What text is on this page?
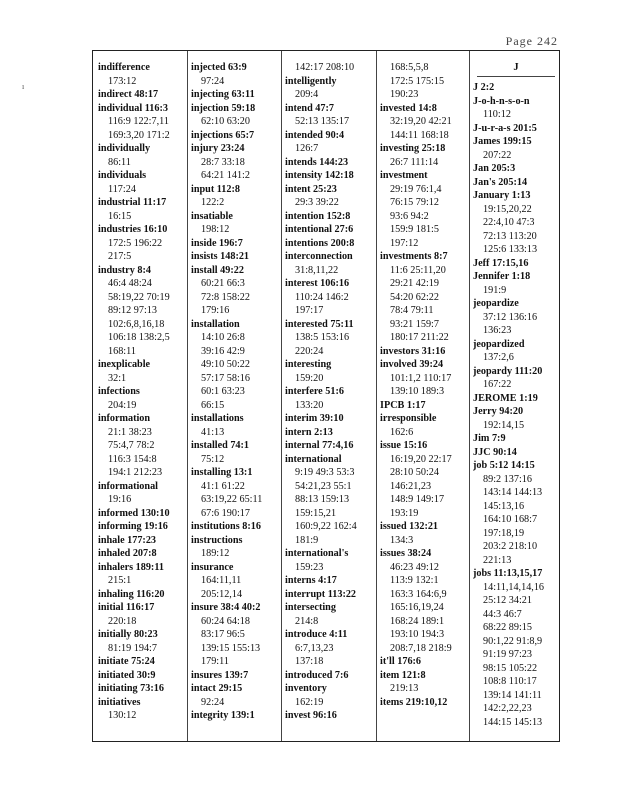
Page 242
ı
indifference
173:12
indirect 48:17
individual 116:3
116:9 122:7,11
169:3,20 171:2
individually
86:11
individuals
117:24
industrial 11:17
16:15
industries 16:10
172:5 196:22
217:5
industry 8:4
46:4 48:24
58:19,22 70:19
89:12 97:13
102:6,8,16,18
106:18 138:2,5
168:11
inexplicable
32:1
infections
204:19
information
21:1 38:23
75:4,7 78:2
116:3 154:8
194:1 212:23
informational
19:16
informed 130:10
informing 19:16
inhale 177:23
inhaled 207:8
inhalers 189:11
215:1
inhaling 116:20
initial 116:17
220:18
initially 80:23
81:19 194:7
initiate 75:24
initiated 30:9
initiating 73:16
initiatives
130:12
injected 63:9
97:24
injecting 63:11
injection 59:18
62:10 63:20
injections 65:7
injury 23:24
28:7 33:18
64:21 141:2
input 112:8
122:2
insatiable
198:12
inside 196:7
insists 148:21
install 49:22
60:21 66:3
72:8 158:22
179:16
installation
14:10 26:8
39:16 42:9
49:10 50:22
57:17 58:16
60:1 63:23
66:15
installations
41:13
installed 74:1
75:12
installing 13:1
41:1 61:22
63:19,22 65:11
67:6 190:17
institutions 8:16
instructions
189:12
insurance
164:11,11
205:12,14
insure 38:4 40:2
60:24 64:18
83:17 96:5
139:15 155:13
179:11
insures 139:7
intact 29:15
92:24
integrity 139:1
142:17 208:10
intelligently
209:4
intend 47:7
52:13 135:17
intended 90:4
126:7
intends 144:23
intensity 142:18
intent 25:23
29:3 39:22
intention 152:8
intentional 27:6
intentions 200:8
interconnection
31:8,11,22
interest 106:16
110:24 146:2
197:17
interested 75:11
138:5 153:16
220:24
interesting
159:20
interfere 51:6
133:20
interim 39:10
intern 2:13
internal 77:4,16
international
9:19 49:3 53:3
54:21,23 55:1
88:13 159:13
159:15,21
160:9,22 162:4
181:9
international's
159:23
interns 4:17
interrupt 113:22
intersecting
214:8
introduce 4:11
6:7,13,23
137:18
introduced 7:6
inventory
162:19
invest 96:16
168:5,5,8
172:5 175:15
190:23
invested 14:8
32:19,20 42:21
144:11 168:18
investing 25:18
26:7 111:14
investment
29:19 76:1,4
76:15 79:12
93:6 94:2
159:9 181:5
197:12
investments 8:7
11:6 25:11,20
29:21 42:19
54:20 62:22
78:4 79:11
93:21 159:7
180:17 211:22
investors 31:16
involved 39:24
101:1,2 110:17
139:10 189:3
IPCB 1:17
irresponsible
162:6
issue 15:16
16:19,20 22:17
28:10 50:24
146:21,23
148:9 149:17
193:19
issued 132:21
134:3
issues 38:24
46:23 49:12
113:9 132:1
163:3 164:6,9
165:16,19,24
168:24 189:1
193:10 194:3
208:7,18 218:9
it'll 176:6
item 121:8
219:13
items 219:10,12
J
J 2:2
J-o-h-n-s-o-n
110:12
J-u-r-a-s 201:5
James 199:15
207:22
Jan 205:3
Jan's 205:14
January 1:13
19:15,20,22
22:4,10 47:3
72:13 113:20
125:6 133:13
Jeff 17:15,16
Jennifer 1:18
191:9
jeopardize
37:12 136:16
136:23
jeopardized
137:2,6
jeopardy 111:20
167:22
JEROME 1:19
Jerry 94:20
192:14,15
Jim 7:9
JJC 90:14
job 5:12 14:15
89:2 137:16
143:14 144:13
145:13,16
164:10 168:7
197:18,19
203:2 218:10
221:13
jobs 11:13,15,17
14:11,14,14,16
25:12 34:21
44:3 46:7
68:22 89:15
90:1,22 91:8,9
91:19 97:23
98:15 105:22
108:8 110:17
139:14 141:11
142:2,22,23
144:15 145:13
